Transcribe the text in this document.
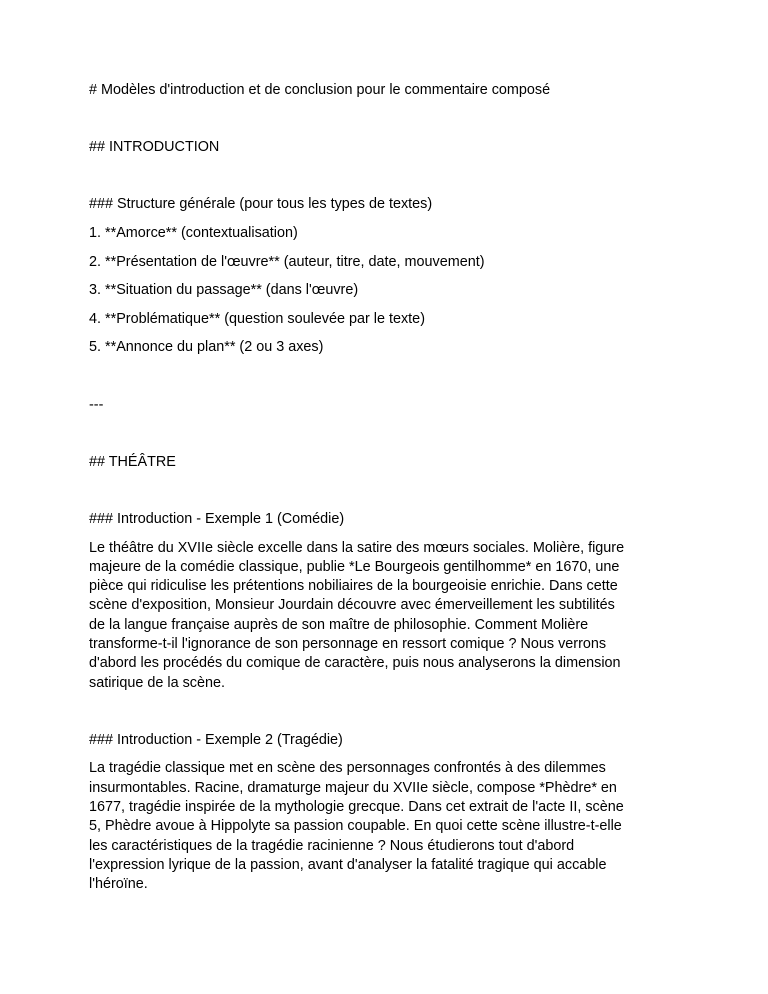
# Modèles d'introduction et de conclusion pour le commentaire composé

## INTRODUCTION

### Structure générale (pour tous les types de textes)

1. **Amorce** (contextualisation)

2. **Présentation de l'œuvre** (auteur, titre, date, mouvement)

3. **Situation du passage** (dans l'œuvre)

4. **Problématique** (question soulevée par le texte)

5. **Annonce du plan** (2 ou 3 axes)

---

## THÉÂTRE

### Introduction - Exemple 1 (Comédie)

Le théâtre du XVIIe siècle excelle dans la satire des mœurs sociales. Molière, figure
majeure de la comédie classique, publie *Le Bourgeois gentilhomme* en 1670, une
pièce qui ridiculise les prétentions nobiliaires de la bourgeoisie enrichie. Dans cette
scène d'exposition, Monsieur Jourdain découvre avec émerveillement les subtilités
de la langue française auprès de son maître de philosophie. Comment Molière
transforme-t-il l'ignorance de son personnage en ressort comique ? Nous verrons
d'abord les procédés du comique de caractère, puis nous analyserons la dimension
satirique de la scène.

### Introduction - Exemple 2 (Tragédie)

La tragédie classique met en scène des personnages confrontés à des dilemmes
insurmontables. Racine, dramaturge majeur du XVIIe siècle, compose *Phèdre* en
1677, tragédie inspirée de la mythologie grecque. Dans cet extrait de l'acte II, scène
5, Phèdre avoue à Hippolyte sa passion coupable. En quoi cette scène illustre-t-elle
les caractéristiques de la tragédie racinienne ? Nous étudierons tout d'abord
l'expression lyrique de la passion, avant d'analyser la fatalité tragique qui accable
l'héroïne.
